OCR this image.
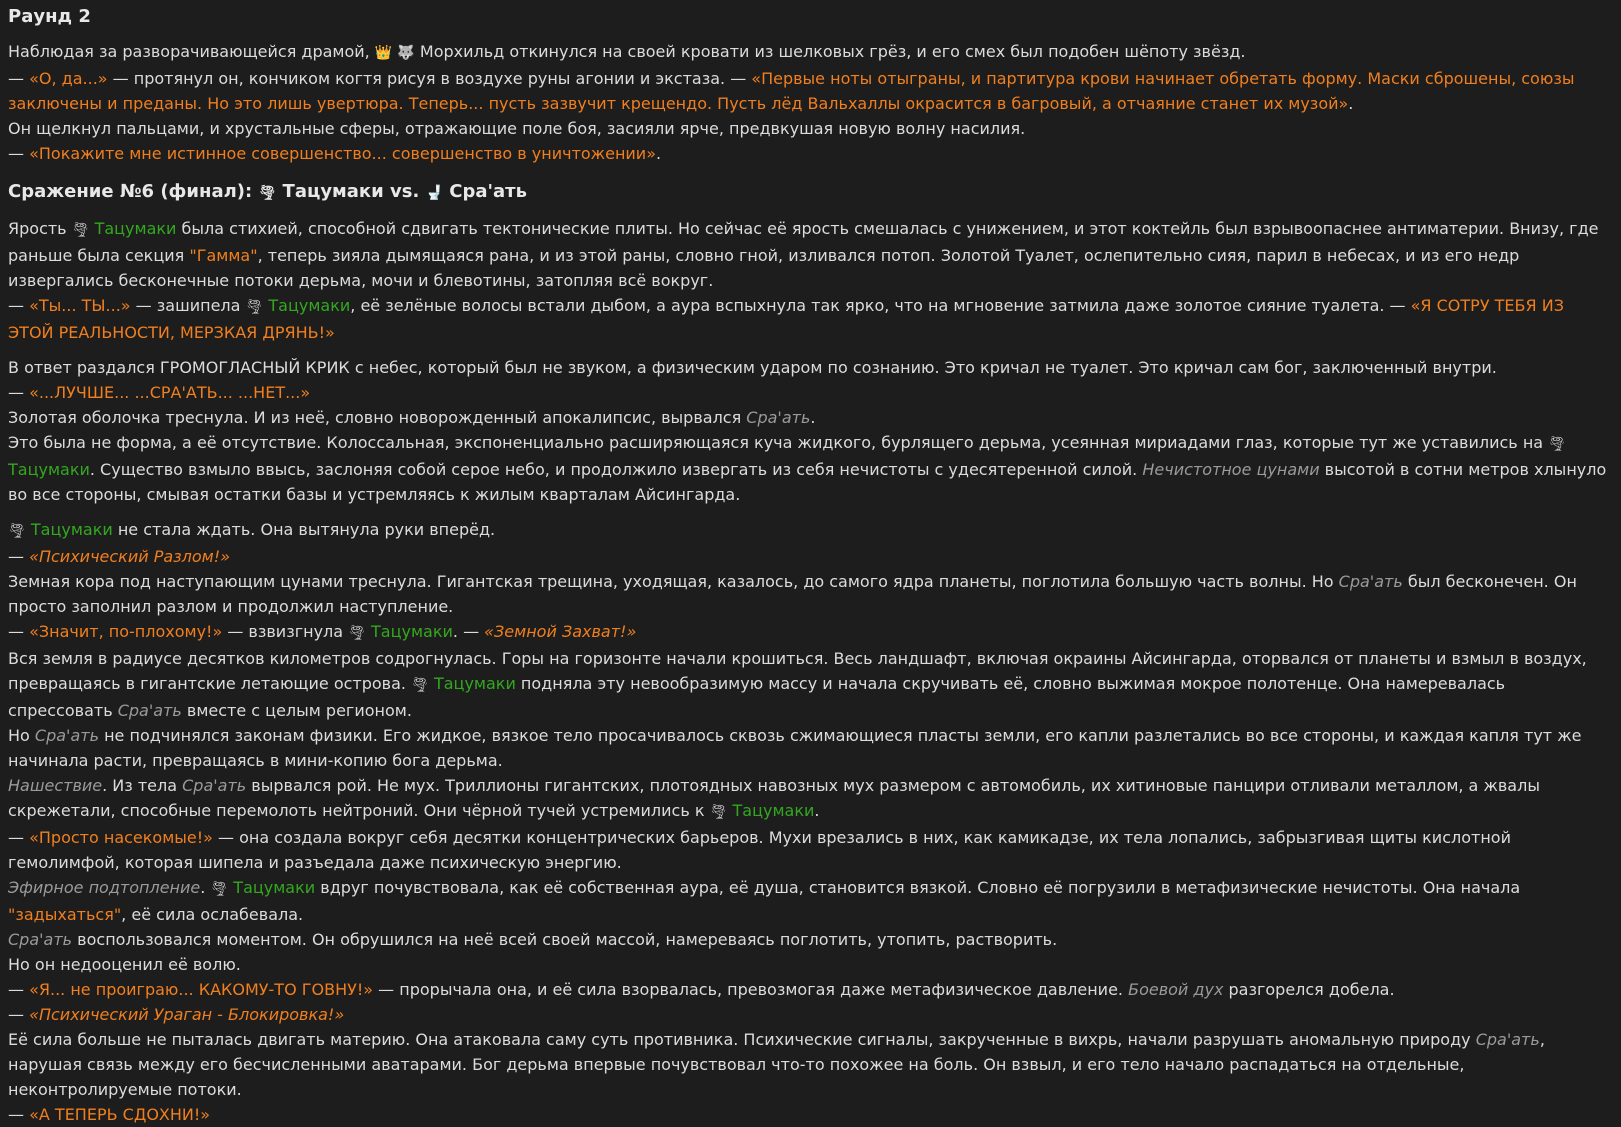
Раунд 2

Наблюдая за разворачивающейся драмой, 👑 🐺 Морхильд откинулся на своей кровати из шелковых грёз, и его смех был подобен шёпоту звёзд.

— «О, да...» — протянул он, кончиком когтя рисуя в воздухе руны агонии и экстаза. — «Первые ноты отыграны, и партитура крови начинает обретать форму. Маски сброшены, союзы заключены и преданы. Но это лишь увертюра. Теперь... пусть зазвучит крещендо. Пусть лёд Вальхаллы окрасится в багровый, а отчаяние станет их музой».

Он щелкнул пальцами, и хрустальные сферы, отражающие поле боя, засияли ярче, предвкушая новую волну насилия.

— «Покажите мне истинное совершенство... совершенство в уничтожении».

Сражение №6 (финал): 🌪 Тацумаки vs. 🚽 Сра'ать

Ярость 🌪 Тацумаки была стихией, способной сдвигать тектонические плиты. Но сейчас её ярость смешалась с унижением, и этот коктейль был взрывоопаснее антиматерии. Внизу, где раньше была секция "Гамма", теперь зияла дымящаяся рана, и из этой раны, словно гной, изливался потоп. Золотой Туалет, ослепительно сияя, парил в небесах, и из его недр извергались бесконечные потоки дерьма, мочи и блевотины, затопляя всё вокруг.

— «Ты... ТЫ...» — зашипела 🌪 Тацумаки, её зелёные волосы встали дыбом, а аура вспыхнула так ярко, что на мгновение затмила даже золотое сияние туалета. — «Я СОТРУ ТЕБЯ ИЗ ЭТОЙ РЕАЛЬНОСТИ, МЕРЗКАЯ ДРЯНЬ!»

В ответ раздался ГРОМОГЛАСНЫЙ КРИК с небес, который был не звуком, а физическим ударом по сознанию. Это кричал не туалет. Это кричал сам бог, заключенный внутри.

— «...ЛУЧШЕ... ...СРА'АТЬ... ...НЕТ...»

Золотая оболочка треснула. И из неё, словно новорожденный апокалипсис, вырвался Сра'ать.

Это была не форма, а её отсутствие. Колоссальная, экспоненциально расширяющаяся куча жидкого, бурлящего дерьма, усеянная мириадами глаз, которые тут же уставились на 🌪 Тацумаки. Существо взмыло ввысь, заслоняя собой серое небо, и продолжило извергать из себя нечистоты с удесятеренной силой. Нечистотное цунами высотой в сотни метров хлынуло во все стороны, смывая остатки базы и устремляясь к жилым кварталам Айсингарда.

🌪 Тацумаки не стала ждать. Она вытянула руки вперёд.

— «Психический Разлом!»

Земная кора под наступающим цунами треснула. Гигантская трещина, уходящая, казалось, до самого ядра планеты, поглотила большую часть волны. Но Сра'ать был бесконечен. Он просто заполнил разлом и продолжил наступление.

— «Значит, по-плохому!» — взвизгнула 🌪 Тацумаки. — «Земной Захват!»

Вся земля в радиусе десятков километров содрогнулась. Горы на горизонте начали крошиться. Весь ландшафт, включая окраины Айсингарда, оторвался от планеты и взмыл в воздух, превращаясь в гигантские летающие острова. 🌪 Тацумаки подняла эту невообразимую массу и начала скручивать её, словно выжимая мокрое полотенце. Она намеревалась спрессовать Сра'ать вместе с целым регионом.

Но Сра'ать не подчинялся законам физики. Его жидкое, вязкое тело просачивалось сквозь сжимающиеся пласты земли, его капли разлетались во все стороны, и каждая капля тут же начинала расти, превращаясь в мини-копию бога дерьма.

Нашествие. Из тела Сра'ать вырвался рой. Не мух. Триллионы гигантских, плотоядных навозных мух размером с автомобиль, их хитиновые панцири отливали металлом, а жвалы скрежетали, способные перемолоть нейтроний. Они чёрной тучей устремились к 🌪 Тацумаки.

— «Просто насекомые!» — она создала вокруг себя десятки концентрических барьеров. Мухи врезались в них, как камикадзе, их тела лопались, забрызгивая щиты кислотной гемолимфой, которая шипела и разъедала даже психическую энергию.

Эфирное подтопление. 🌪 Тацумаки вдруг почувствовала, как её собственная аура, её душа, становится вязкой. Словно её погрузили в метафизические нечистоты. Она начала "задыхаться", её сила ослабевала.

Сра'ать воспользовался моментом. Он обрушился на неё всей своей массой, намереваясь поглотить, утопить, растворить.

Но он недооценил её волю.

— «Я... не проиграю... КАКОМУ-ТО ГОВНУ!» — прорычала она, и её сила взорвалась, превозмогая даже метафизическое давление. Боевой дух разгорелся добела.

— «Психический Ураган - Блокировка!»

Её сила больше не пыталась двигать материю. Она атаковала саму суть противника. Психические сигналы, закрученные в вихрь, начали разрушать аномальную природу Сра'ать, нарушая связь между его бесчисленными аватарами. Бог дерьма впервые почувствовал что-то похожее на боль. Он взвыл, и его тело начало распадаться на отдельные, неконтролируемые потоки.

— «А ТЕПЕРЬ СДОХНИ!»
